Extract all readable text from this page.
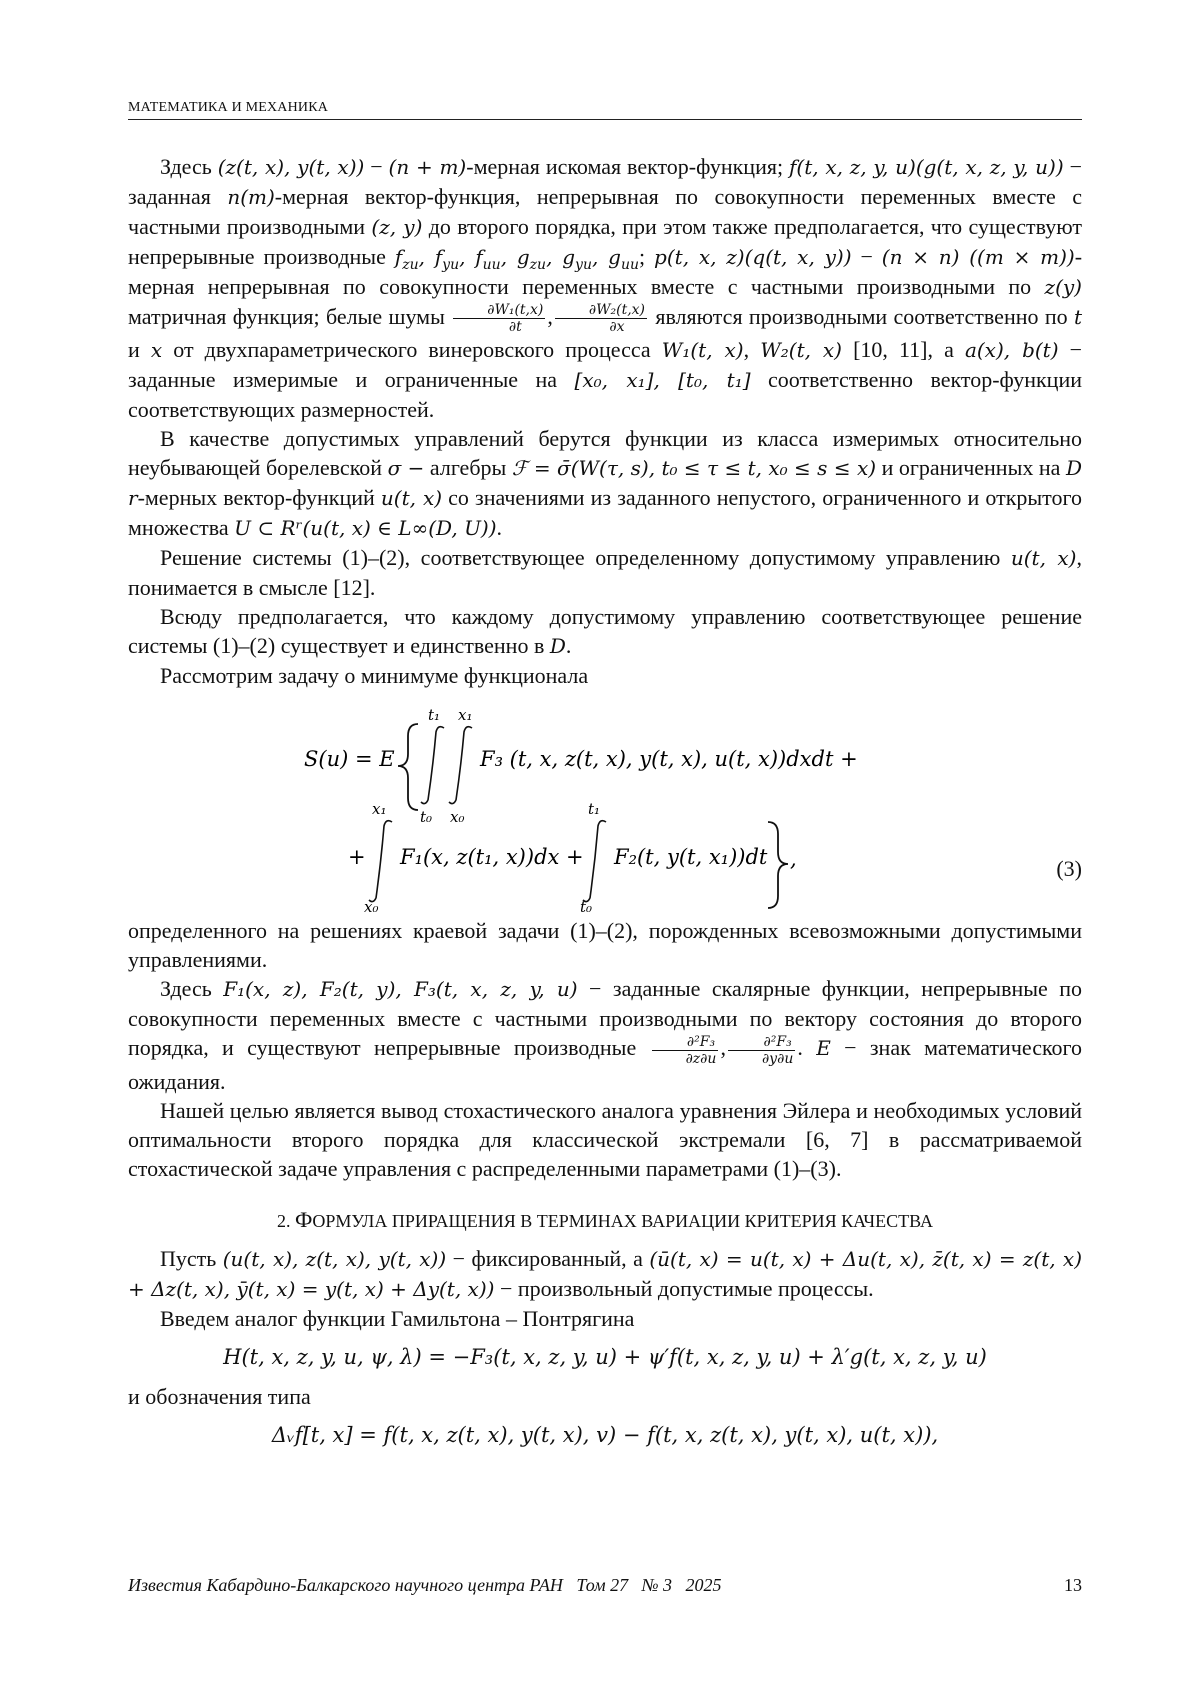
МАТЕМАТИКА И МЕХАНИКА

Здесь (z(t, x), y(t, x)) − (n + m)-мерная искомая вектор-функция; f(t, x, z, y, u)(g(t, x, z, y, u)) − заданная n(m)-мерная вектор-функция, непрерывная по совокупности переменных вместе с частными производными (z, y) до второго порядка, при этом также предполагается, что существуют непрерывные производные fzu, fyu, fuu, gzu, gyu, guu; p(t, x, z)(q(t, x, y)) − (n × n) ((m × m))-мерная непрерывная по совокупности переменных вместе с частными производными по z(y) матричная функция; белые шумы	∂W₁(t,x)
∂t	,	∂W₂(t,x)
∂x	являются производными соответственно по t и x от двухпараметрического винеровского процесса W₁(t, x), W₂(t, x) [10, 11], а a(x), b(t) − заданные измеримые и ограниченные на [x₀, x₁], [t₀, t₁] соответственно вектор-функции соответствующих размерностей.

В качестве допустимых управлений берутся функции из класса измеримых относительно неубывающей борелевской σ − алгебры ℱ = σ̄(W(τ, s), t₀ ≤ τ ≤ t, x₀ ≤ s ≤ x) и ограниченных на D r-мерных вектор-функций u(t, x) со значениями из заданного непустого, ограниченного и открытого множества U ⊂ Rʳ(u(t, x) ∈ L∞(D, U)).

Решение системы (1)–(2), соответствующее определенному допустимому управлению u(t, x), понимается в смысле [12].

Всюду предполагается, что каждому допустимому управлению соответствующее решение системы (1)–(2) существует и единственно в D.

Рассмотрим задачу о минимуме функционала

S(u) = E
t₁ x₁
t₀ x₀
F₃ (t, x, z(t, x), y(t, x), u(t, x))dxdt +
+
x₁
x₀
F₁(x, z(t₁, x))dx +
t₁
t₀
F₂(t, y(t, x₁))dt ,	(3)

определенного на решениях краевой задачи (1)–(2), порожденных всевозможными допустимыми управлениями.

Здесь F₁(x, z), F₂(t, y), F₃(t, x, z, y, u) − заданные скалярные функции, непрерывные по совокупности переменных вместе с частными производными по вектору состояния до второго порядка, и существуют непрерывные производные	∂²F₃
∂z∂u ,	∂²F₃
∂y∂u . E − знак математического ожидания.

Нашей целью является вывод стохастического аналога уравнения Эйлера и необходимых условий оптимальности второго порядка для классической экстремали [6, 7] в рассматриваемой стохастической задаче управления с распределенными параметрами (1)–(3).

2. ФОРМУЛА ПРИРАЩЕНИЯ В ТЕРМИНАХ ВАРИАЦИИ КРИТЕРИЯ КАЧЕСТВА

Пусть (u(t, x), z(t, x), y(t, x)) − фиксированный, а (ū(t, x) = u(t, x) + Δu(t, x), z̄(t, x) = z(t, x) + Δz(t, x), ȳ(t, x) = y(t, x) + Δy(t, x)) − произвольный допустимые процессы.

Введем аналог функции Гамильтона – Понтрягина

H(t, x, z, y, u, ψ, λ) = −F₃(t, x, z, y, u) + ψ′f(t, x, z, y, u) + λ′g(t, x, z, y, u)

и обозначения типа

Δᵥf[t, x] = f(t, x, z(t, x), y(t, x), v) − f(t, x, z(t, x), y(t, x), u(t, x)),
Известия Кабардино-Балкарского научного центра РАН   Том 27   № 3   2025	13
